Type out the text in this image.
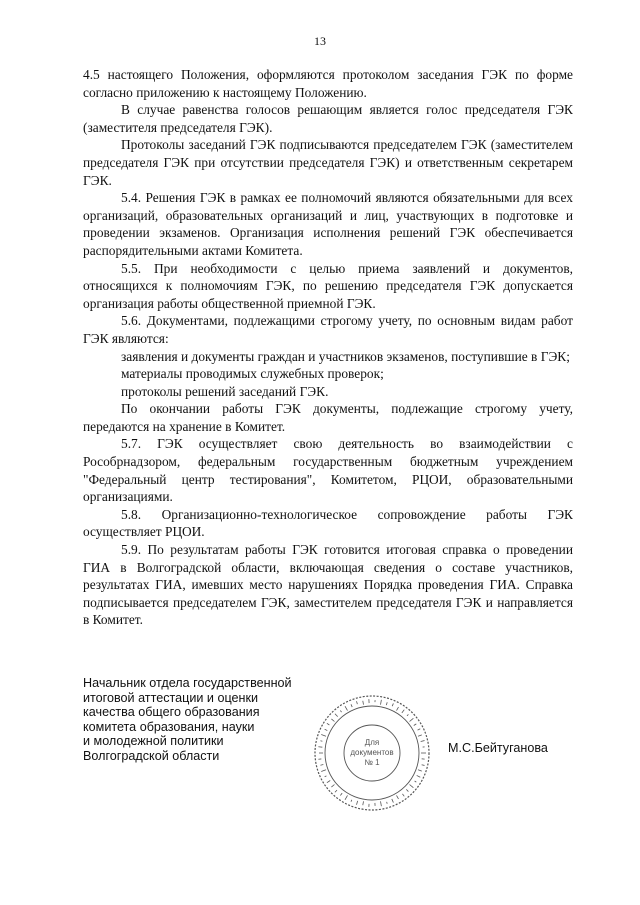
13

4.5 настоящего Положения, оформляются протоколом заседания ГЭК по форме согласно приложению к настоящему Положению.

В случае равенства голосов решающим является голос председателя ГЭК (заместителя председателя ГЭК).

Протоколы заседаний ГЭК подписываются председателем ГЭК (заместителем председателя ГЭК при отсутствии председателя ГЭК) и ответственным секретарем ГЭК.

5.4. Решения ГЭК в рамках ее полномочий являются обязательными для всех организаций, образовательных организаций и лиц, участвующих в подготовке и проведении экзаменов. Организация исполнения решений ГЭК обеспечивается распорядительными актами Комитета.

5.5. При необходимости с целью приема заявлений и документов, относящихся к полномочиям ГЭК, по решению председателя ГЭК допускается организация работы общественной приемной ГЭК.

5.6. Документами, подлежащими строгому учету, по основным видам работ ГЭК являются:

заявления и документы граждан и участников экзаменов, поступившие в ГЭК;

материалы проводимых служебных проверок;

протоколы решений заседаний ГЭК.

По окончании работы ГЭК документы, подлежащие строгому учету, передаются на хранение в Комитет.

5.7. ГЭК осуществляет свою деятельность во взаимодействии с Рособрнадзором, федеральным государственным бюджетным учреждением "Федеральный центр тестирования", Комитетом, РЦОИ, образовательными организациями.

5.8. Организационно-технологическое сопровождение работы ГЭК осуществляет РЦОИ.

5.9. По результатам работы ГЭК готовится итоговая справка о проведении ГИА в Волгоградской области, включающая сведения о составе участников, результатах ГИА, имевших место нарушениях Порядка проведения ГИА. Справка подписывается председателем ГЭК, заместителем председателя ГЭК и направляется в Комитет.

Начальник отдела государственной
итоговой аттестации и оценки
качества общего образования
комитета образования, науки
и молодежной политики
Волгоградской области
М.С.Бейтуганова
Для
документов
№ 1
